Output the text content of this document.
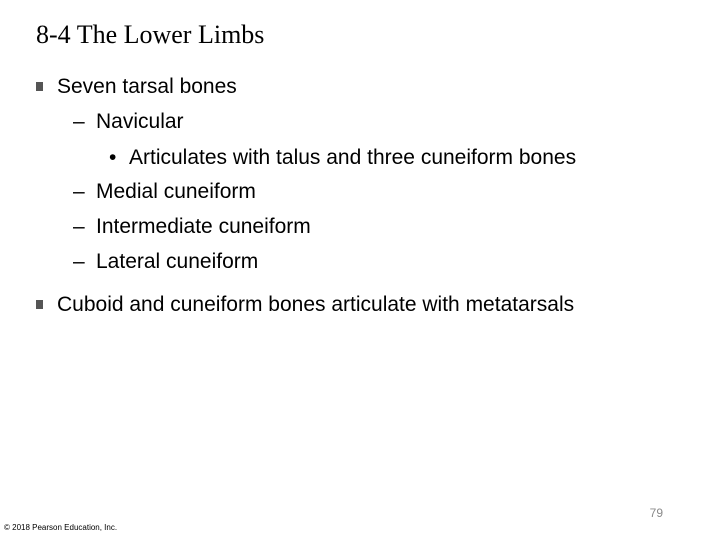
8-4 The Lower Limbs
Seven tarsal bones
– Navicular
• Articulates with talus and three cuneiform bones
– Medial cuneiform
– Intermediate cuneiform
– Lateral cuneiform
Cuboid and cuneiform bones articulate with metatarsals
79
© 2018 Pearson Education, Inc.
